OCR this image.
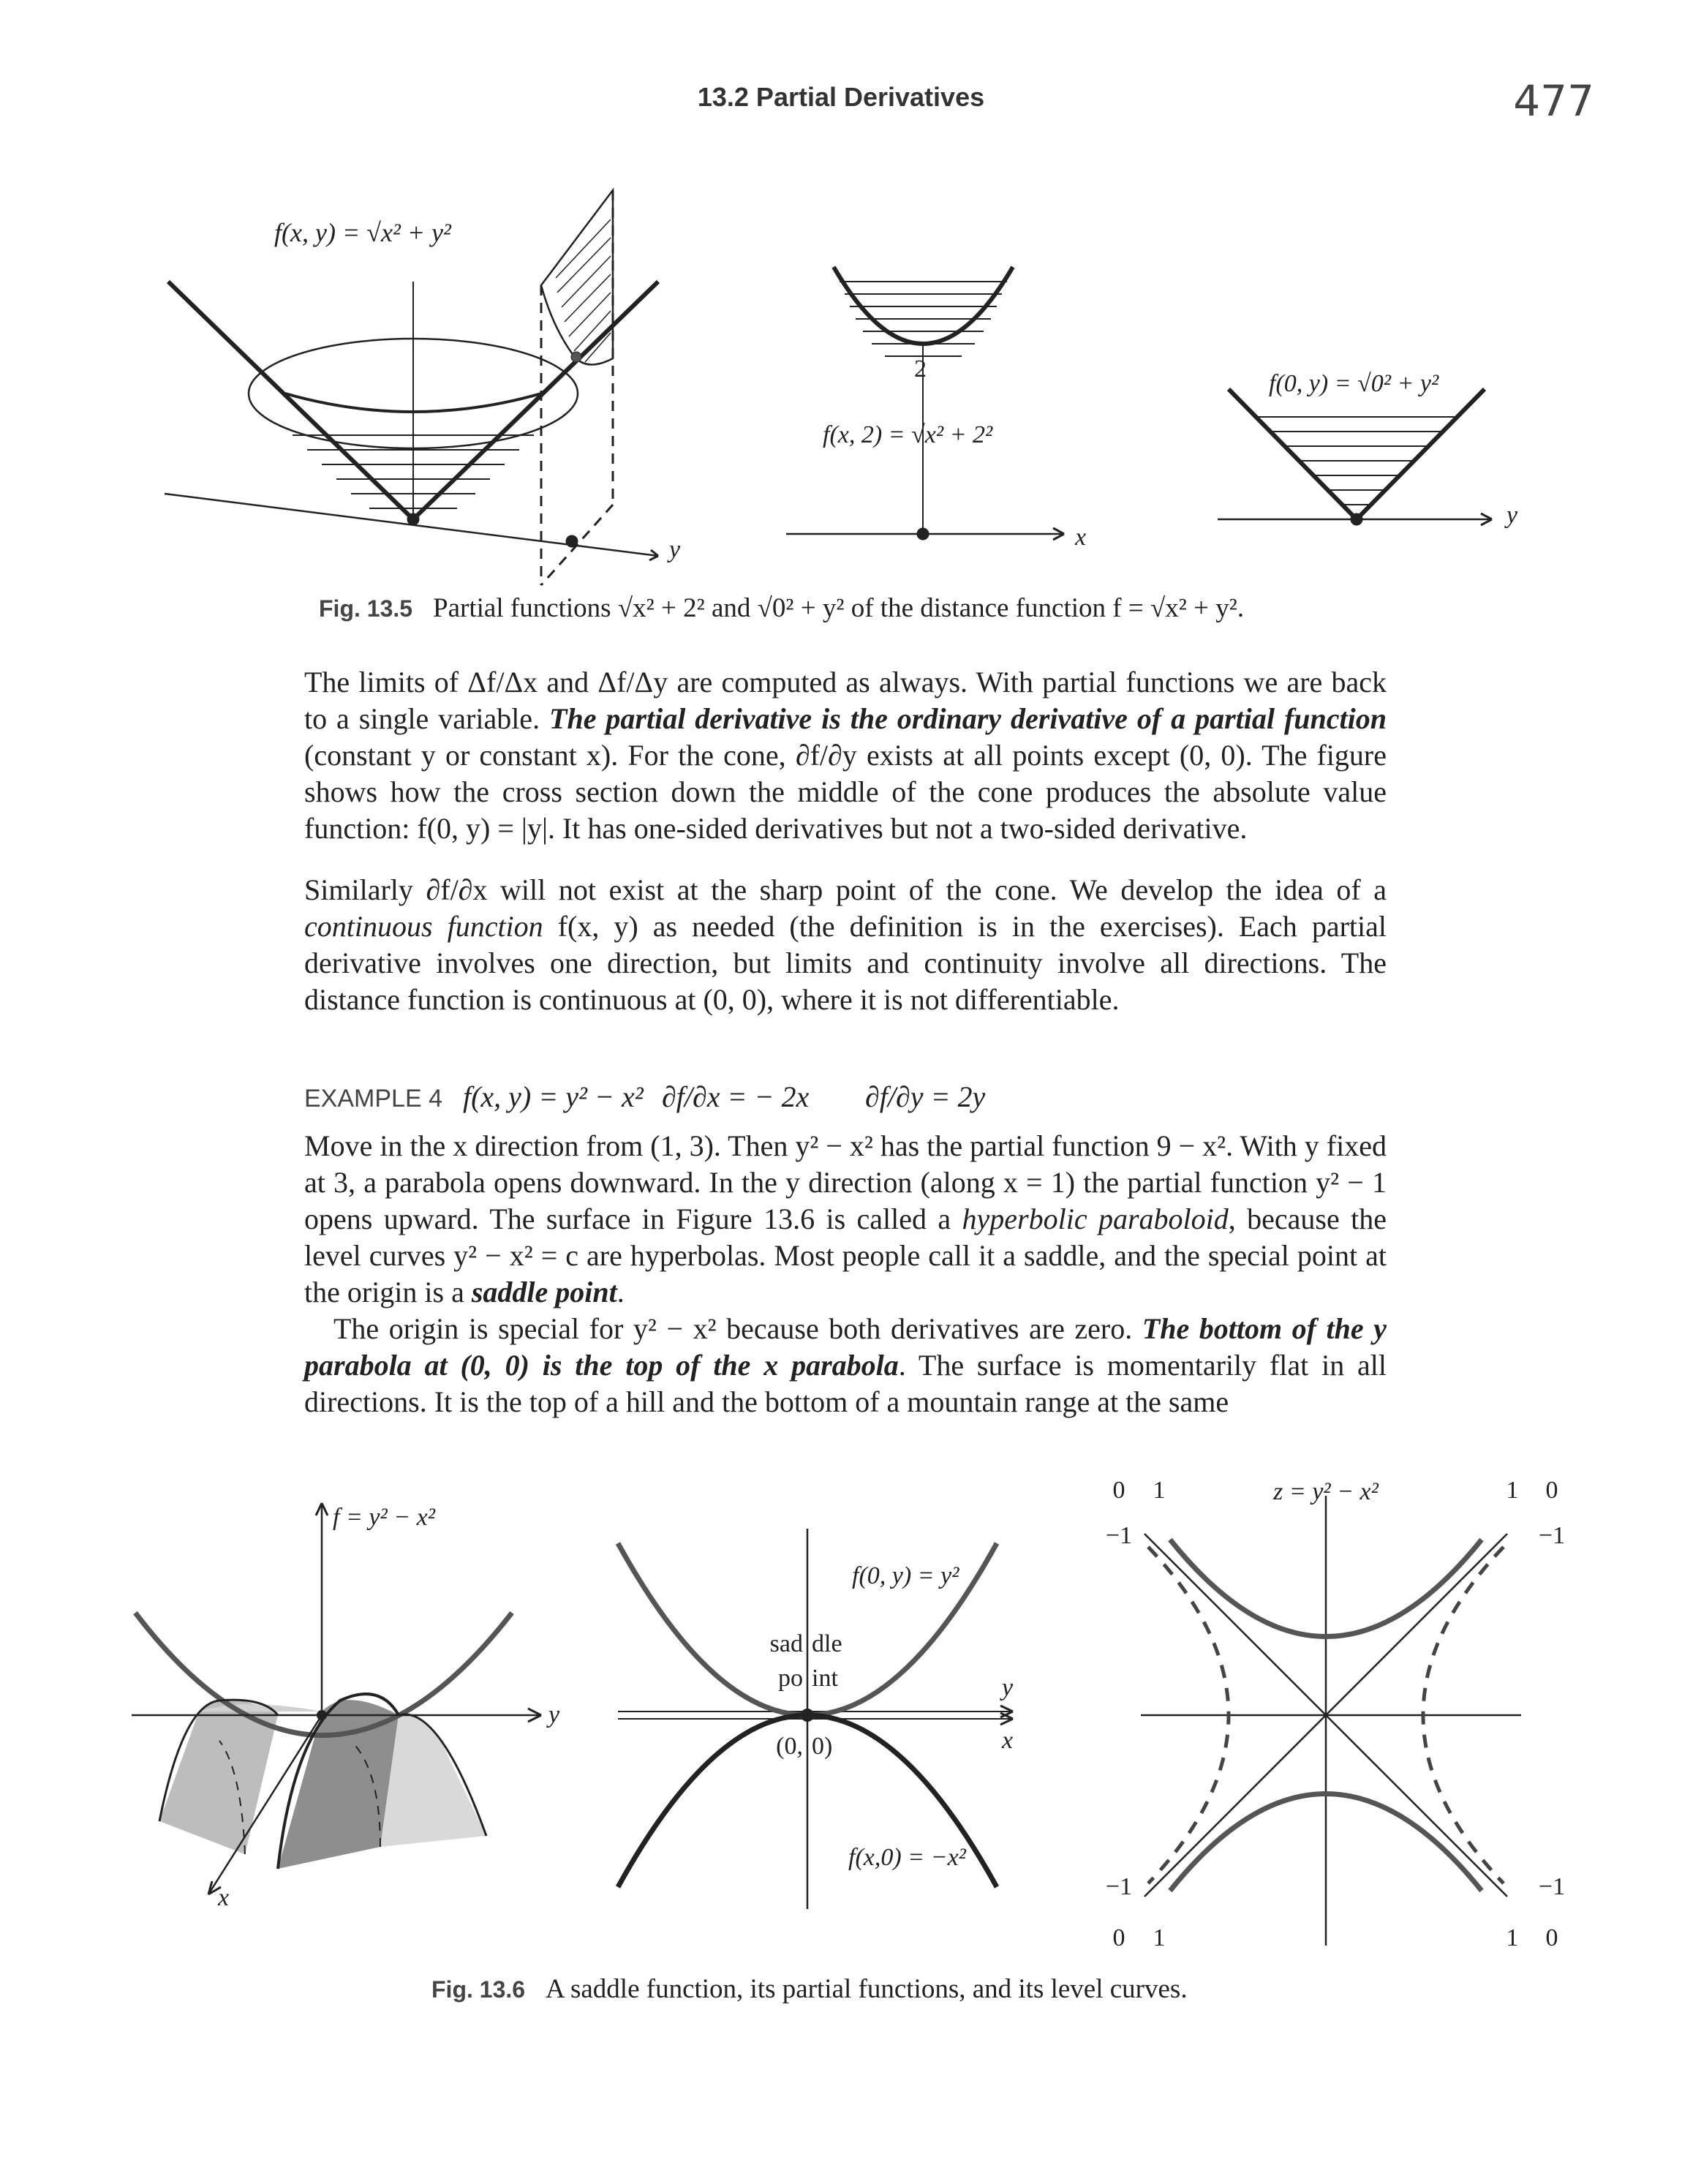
13.2 Partial Derivatives	477
f(x, y) = √x² + y²
y
2
f(x, 2) = √x² + 2²
x
f(0, y) = √0² + y²
y
Fig. 13.5 Partial functions √x² + 2² and √0² + y² of the distance function f = √x² + y².

The limits of Δf/Δx and Δf/Δy are computed as always. With partial functions we are back to a single variable. The partial derivative is the ordinary derivative of a partial function (constant y or constant x). For the cone, ∂f/∂y exists at all points except (0, 0). The figure shows how the cross section down the middle of the cone produces the absolute value function: f(0, y) = |y|. It has one-sided derivatives but not a two-sided derivative.

Similarly ∂f/∂x will not exist at the sharp point of the cone. We develop the idea of a continuous function f(x, y) as needed (the definition is in the exercises). Each partial derivative involves one direction, but limits and continuity involve all directions. The distance function is continuous at (0, 0), where it is not differentiable.

EXAMPLE 4 f(x, y) = y² − x² ∂f/∂x = − 2x ∂f/∂y = 2y

Move in the x direction from (1, 3). Then y² − x² has the partial function 9 − x². With y fixed at 3, a parabola opens downward. In the y direction (along x = 1) the partial function y² − 1 opens upward. The surface in Figure 13.6 is called a hyperbolic paraboloid, because the level curves y² − x² = c are hyperbolas. Most people call it a saddle, and the special point at the origin is a saddle point.

The origin is special for y² − x² because both derivatives are zero. The bottom of the y parabola at (0, 0) is the top of the x parabola. The surface is momentarily flat in all directions. It is the top of a hill and the bottom of a mountain range at the same

f = y² − x²
y
x
f(0, y) = y²
f(x,0) = −x²
sad dle
po int
(0, 0)
y
x
z = y² − x²
0 1	1 0
−1	−1
−1	−1
0 1	1 0
Fig. 13.6 A saddle function, its partial functions, and its level curves.
